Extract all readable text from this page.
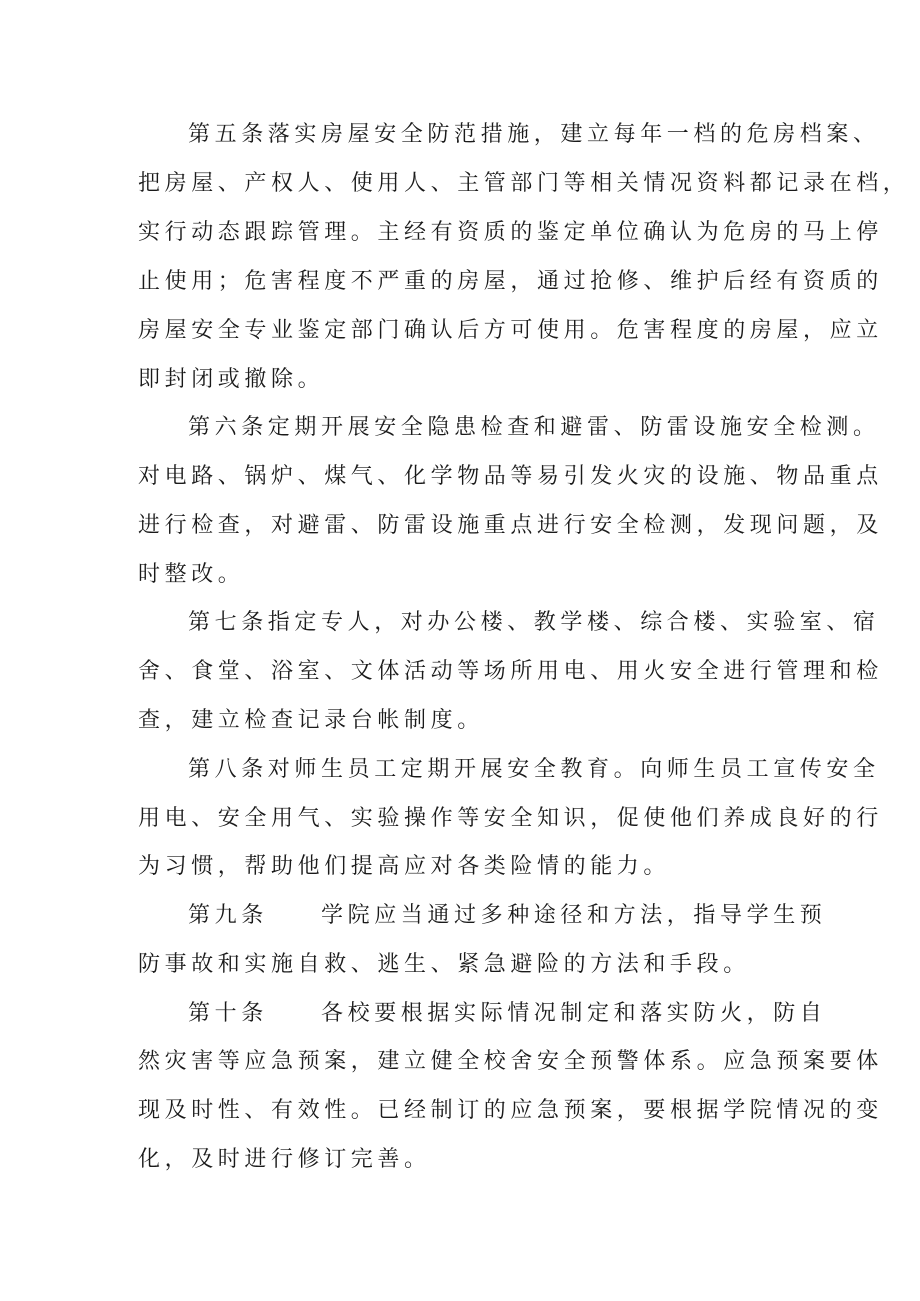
第五条落实房屋安全防范措施，建立每年一档的危房档案、
把房屋、产权人、使用人、主管部门等相关情况资料都记录在档，
实行动态跟踪管理。主经有资质的鉴定单位确认为危房的马上停
止使用；危害程度不严重的房屋，通过抢修、维护后经有资质的
房屋安全专业鉴定部门确认后方可使用。危害程度的房屋，应立
即封闭或撤除。
第六条定期开展安全隐患检查和避雷、防雷设施安全检测。
对电路、锅炉、煤气、化学物品等易引发火灾的设施、物品重点
进行检查，对避雷、防雷设施重点进行安全检测，发现问题，及
时整改。
第七条指定专人，对办公楼、教学楼、综合楼、实验室、宿
舍、食堂、浴室、文体活动等场所用电、用火安全进行管理和检
查，建立检查记录台帐制度。
第八条对师生员工定期开展安全教育。向师生员工宣传安全
用电、安全用气、实验操作等安全知识，促使他们养成良好的行
为习惯，帮助他们提高应对各类险情的能力。
第九条　　学院应当通过多种途径和方法，指导学生预
防事故和实施自救、逃生、紧急避险的方法和手段。
第十条　　各校要根据实际情况制定和落实防火，防自
然灾害等应急预案，建立健全校舍安全预警体系。应急预案要体
现及时性、有效性。已经制订的应急预案，要根据学院情况的变
化，及时进行修订完善。
